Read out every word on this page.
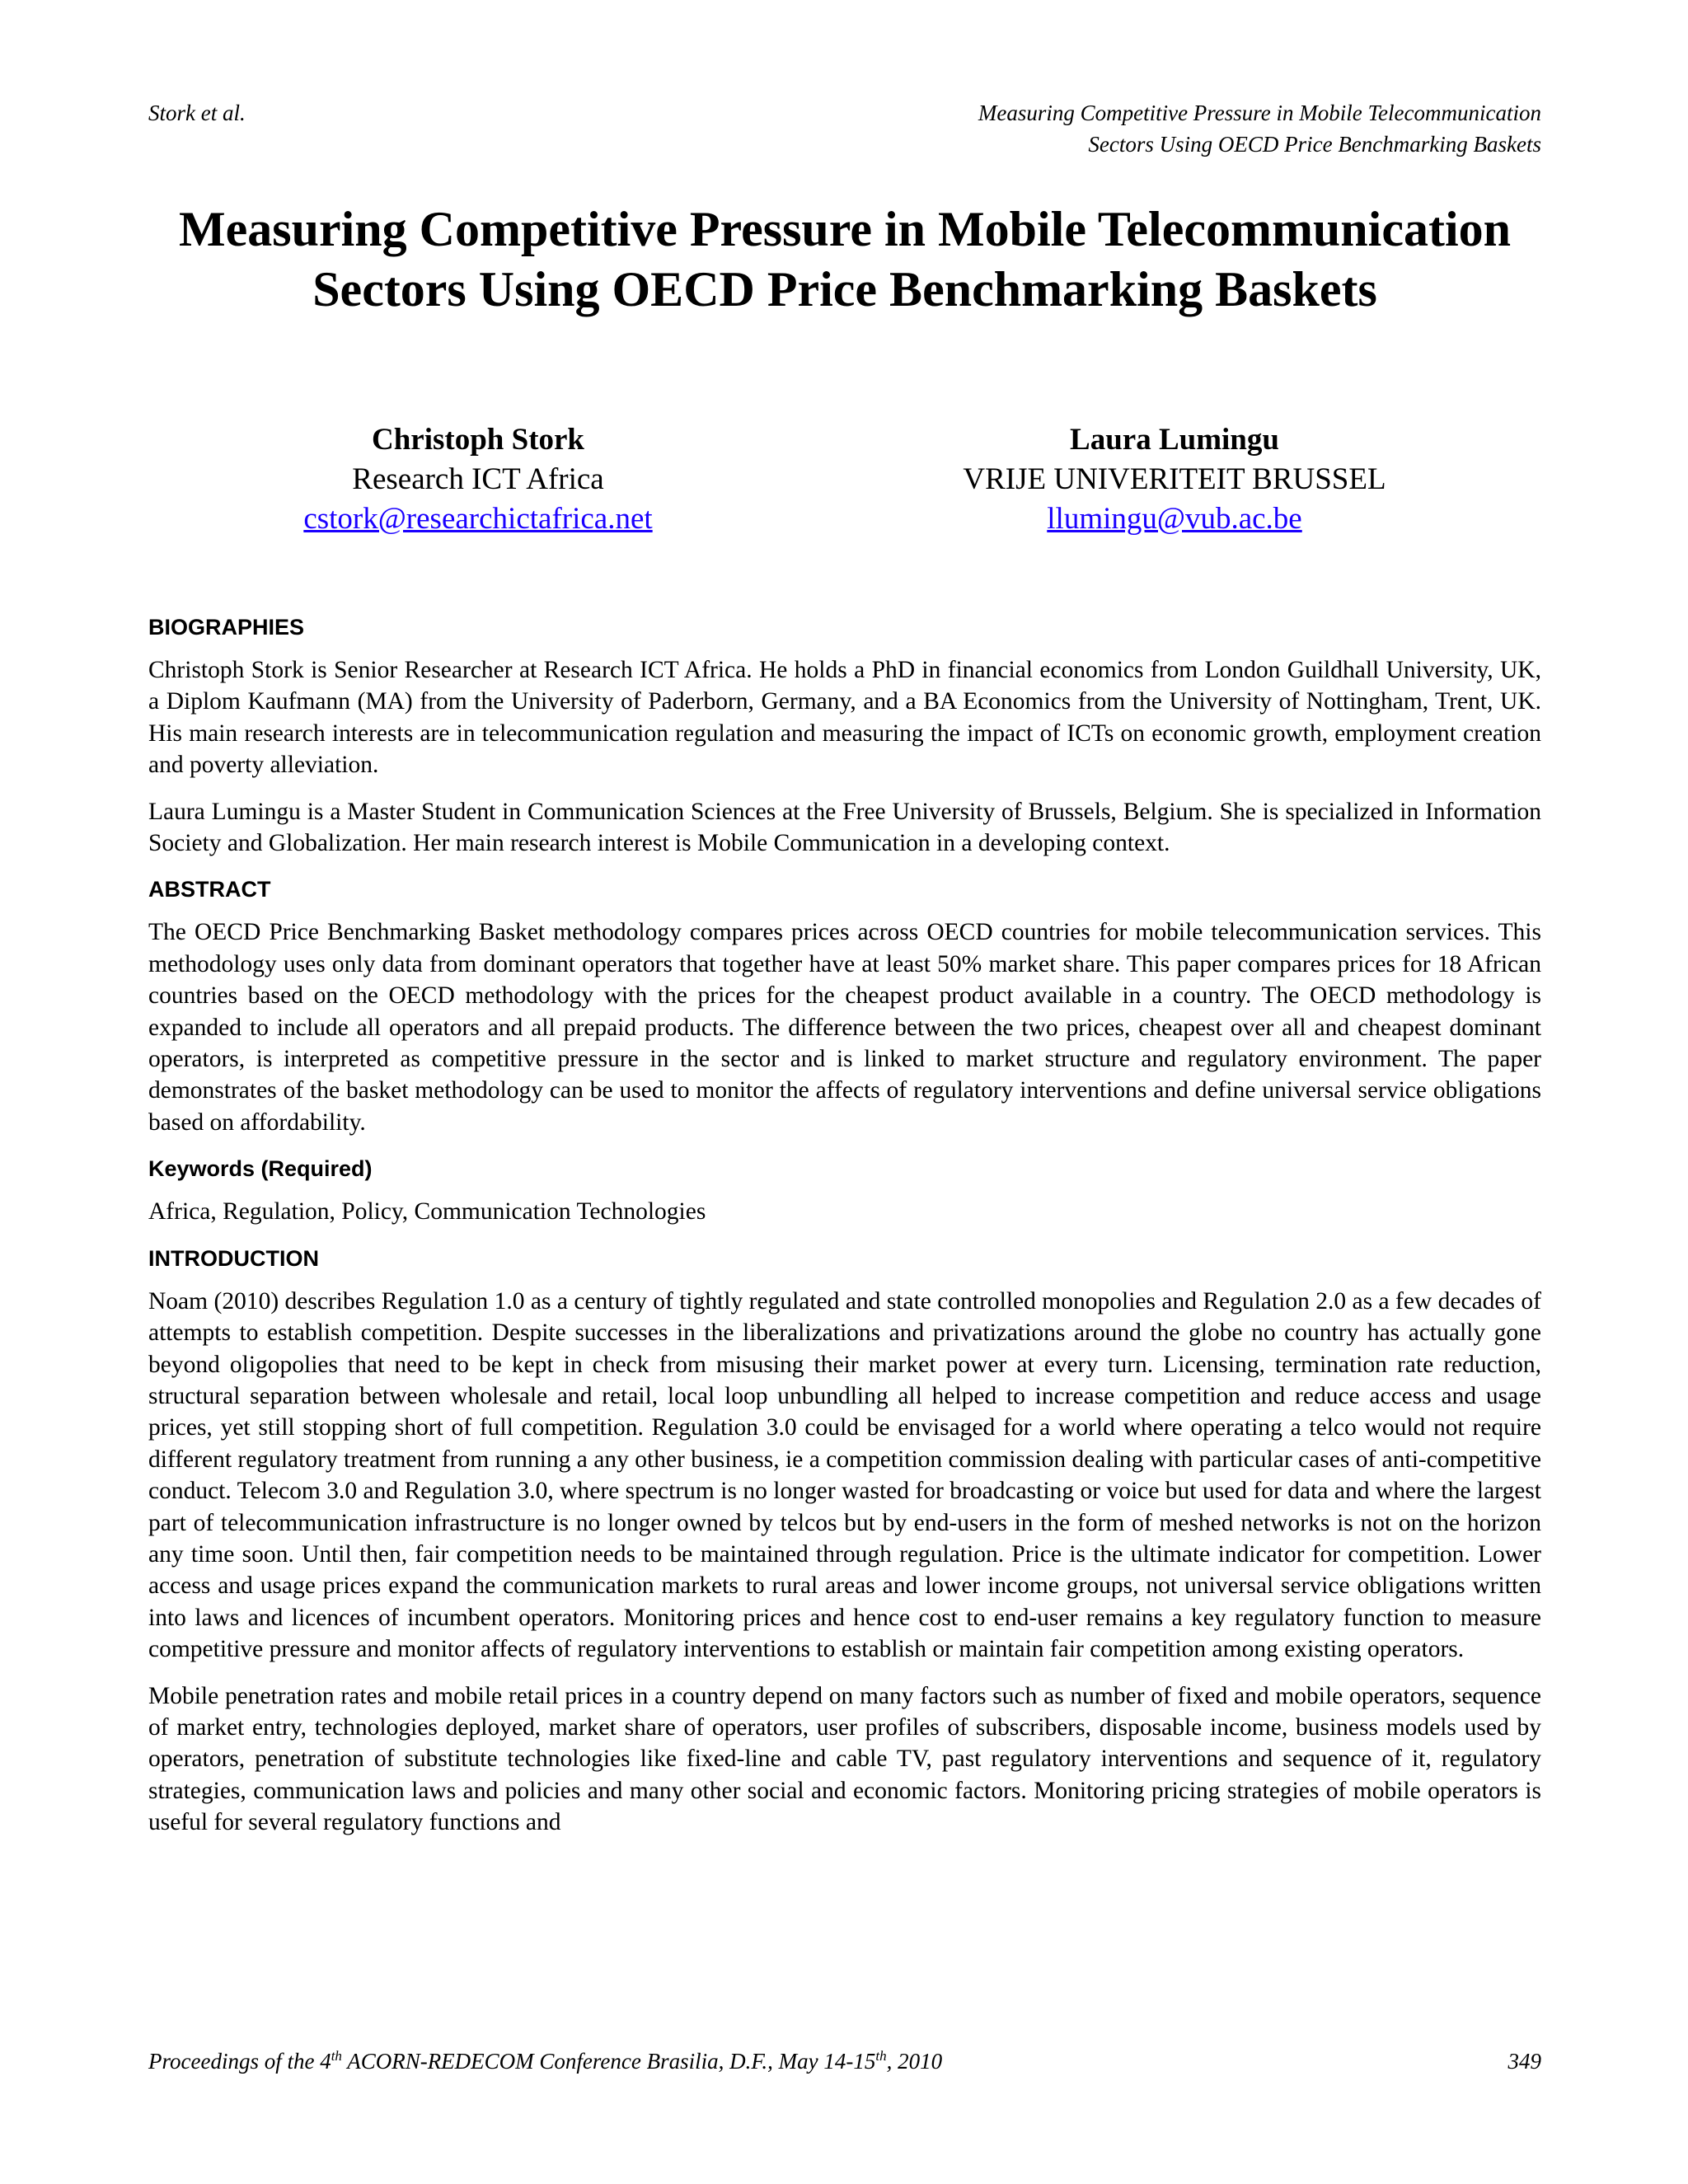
Stork et al.	Measuring Competitive Pressure in Mobile Telecommunication
Sectors Using OECD Price Benchmarking Baskets
Measuring Competitive Pressure in Mobile Telecommunication
Sectors Using OECD Price Benchmarking Baskets
Christoph Stork
Research ICT Africa
cstork@researchictafrica.net
Laura Lumingu
VRIJE UNIVERITEIT BRUSSEL
llumingu@vub.ac.be
BIOGRAPHIES

Christoph Stork is Senior Researcher at Research ICT Africa. He holds a PhD in financial economics from London Guildhall University, UK, a Diplom Kaufmann (MA) from the University of Paderborn, Germany, and a BA Economics from the University of Nottingham, Trent, UK. His main research interests are in telecommunication regulation and measuring the impact of ICTs on economic growth, employment creation and poverty alleviation.

Laura Lumingu is a Master Student in Communication Sciences at the Free University of Brussels, Belgium. She is specialized in Information Society and Globalization. Her main research interest is Mobile Communication in a developing context.

ABSTRACT

The OECD Price Benchmarking Basket methodology compares prices across OECD countries for mobile telecommunication services. This methodology uses only data from dominant operators that together have at least 50% market share. This paper compares prices for 18 African countries based on the OECD methodology with the prices for the cheapest product available in a country. The OECD methodology is expanded to include all operators and all prepaid products. The difference between the two prices, cheapest over all and cheapest dominant operators, is interpreted as competitive pressure in the sector and is linked to market structure and regulatory environment. The paper demonstrates of the basket methodology can be used to monitor the affects of regulatory interventions and define universal service obligations based on affordability.

Keywords (Required)

Africa, Regulation, Policy, Communication Technologies

INTRODUCTION

Noam (2010) describes Regulation 1.0 as a century of tightly regulated and state controlled monopolies and Regulation 2.0 as a few decades of attempts to establish competition. Despite successes in the liberalizations and privatizations around the globe no country has actually gone beyond oligopolies that need to be kept in check from misusing their market power at every turn. Licensing, termination rate reduction, structural separation between wholesale and retail, local loop unbundling all helped to increase competition and reduce access and usage prices, yet still stopping short of full competition. Regulation 3.0 could be envisaged for a world where operating a telco would not require different regulatory treatment from running a any other business, ie a competition commission dealing with particular cases of anti-competitive conduct. Telecom 3.0 and Regulation 3.0, where spectrum is no longer wasted for broadcasting or voice but used for data and where the largest part of telecommunication infrastructure is no longer owned by telcos but by end-users in the form of meshed networks is not on the horizon any time soon. Until then, fair competition needs to be maintained through regulation. Price is the ultimate indicator for competition. Lower access and usage prices expand the communication markets to rural areas and lower income groups, not universal service obligations written into laws and licences of incumbent operators. Monitoring prices and hence cost to end-user remains a key regulatory function to measure competitive pressure and monitor affects of regulatory interventions to establish or maintain fair competition among existing operators.

Mobile penetration rates and mobile retail prices in a country depend on many factors such as number of fixed and mobile operators, sequence of market entry, technologies deployed, market share of operators, user profiles of subscribers, disposable income, business models used by operators, penetration of substitute technologies like fixed-line and cable TV, past regulatory interventions and sequence of it, regulatory strategies, communication laws and policies and many other social and economic factors. Monitoring pricing strategies of mobile operators is useful for several regulatory functions and

Proceedings of the 4th ACORN-REDECOM Conference Brasilia, D.F., May 14-15th, 2010	349
